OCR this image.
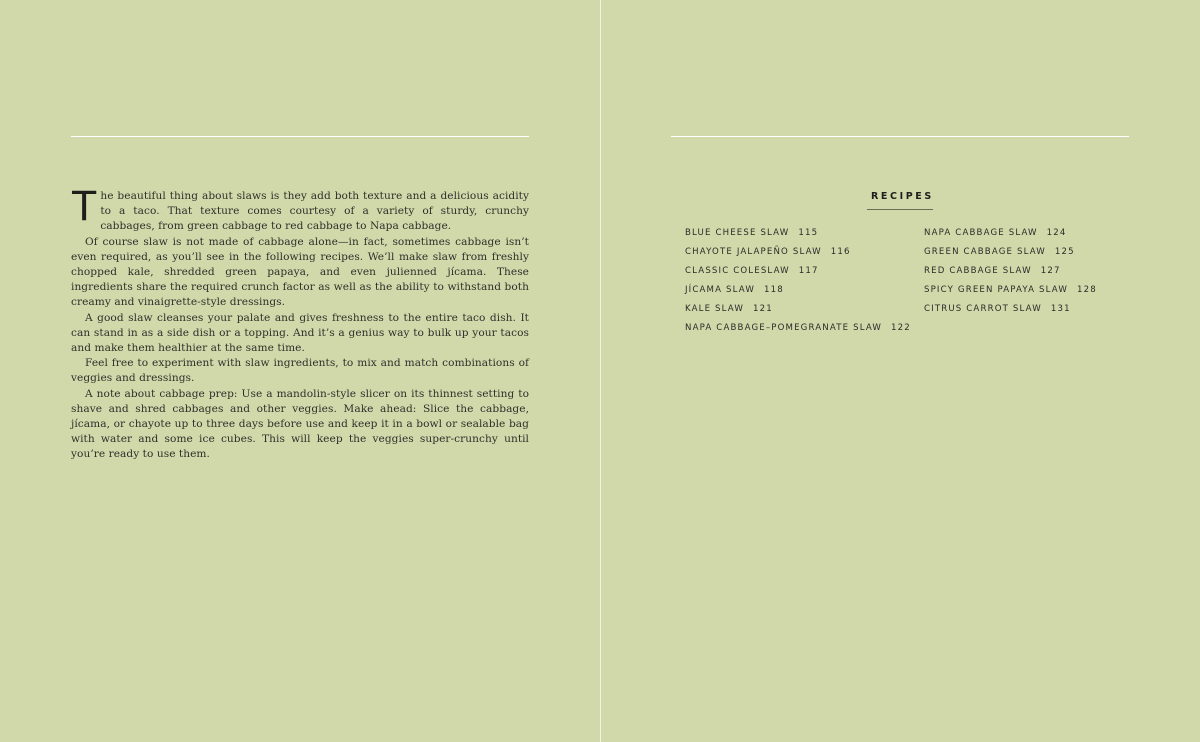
The beautiful thing about slaws is they add both texture and a delicious acidity to a taco. That texture comes courtesy of a variety of sturdy, crunchy cabbages, from green cabbage to red cabbage to Napa cabbage.

Of course slaw is not made of cabbage alone—in fact, sometimes cabbage isn’t even required, as you’ll see in the following recipes. We’ll make slaw from freshly chopped kale, shredded green papaya, and even julienned jícama. These ingredients share the required crunch factor as well as the ability to withstand both creamy and vinaigrette-style dressings.

A good slaw cleanses your palate and gives freshness to the entire taco dish. It can stand in as a side dish or a topping. And it’s a genius way to bulk up your tacos and make them healthier at the same time.

Feel free to experiment with slaw ingredients, to mix and match combinations of veggies and dressings.

A note about cabbage prep: Use a mandolin-style slicer on its thinnest setting to shave and shred cabbages and other veggies. Make ahead: Slice the cabbage, jícama, or chayote up to three days before use and keep it in a bowl or sealable bag with water and some ice cubes. This will keep the veggies super-crunchy until you’re ready to use them.

RECIPES
BLUE CHEESE SLAW 115
CHAYOTE JALAPEÑO SLAW 116
CLASSIC COLESLAW 117
JÍCAMA SLAW 118
KALE SLAW 121
NAPA CABBAGE–POMEGRANATE SLAW 122
NAPA CABBAGE SLAW 124
GREEN CABBAGE SLAW 125
RED CABBAGE SLAW 127
SPICY GREEN PAPAYA SLAW 128
CITRUS CARROT SLAW 131
